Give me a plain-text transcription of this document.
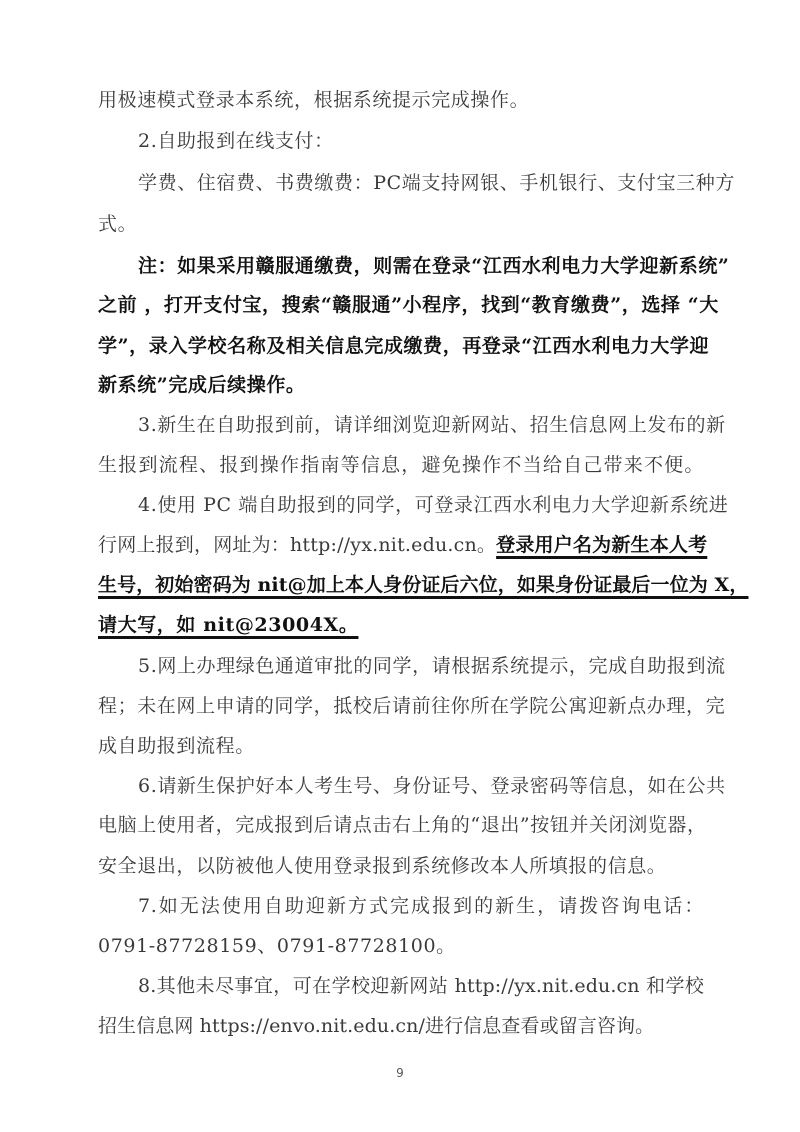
用极速模式登录本系统，根据系统提示完成操作。
2.自助报到在线支付：
学费、住宿费、书费缴费：PC端支持网银、手机银行、支付宝三种方
式。
注：如果采用赣服通缴费，则需在登录“江西水利电力大学迎新系统”
之前 ，打开支付宝，搜索“赣服通”小程序，找到“教育缴费”，选择 “大
学”，录入学校名称及相关信息完成缴费，再登录“江西水利电力大学迎
新系统”完成后续操作。
3.新生在自助报到前，请详细浏览迎新网站、招生信息网上发布的新
生报到流程、报到操作指南等信息，避免操作不当给自己带来不便。
4.使用 PC 端自助报到的同学，可登录江西水利电力大学迎新系统进
行网上报到，网址为：http://yx.nit.edu.cn。登录用户名为新生本人考
生号，初始密码为 nit@加上本人身份证后六位，如果身份证最后一位为 X，
请大写，如 nit@23004X。
5.网上办理绿色通道审批的同学，请根据系统提示，完成自助报到流
程；未在网上申请的同学，抵校后请前往你所在学院公寓迎新点办理，完
成自助报到流程。
6.请新生保护好本人考生号、身份证号、登录密码等信息，如在公共
电脑上使用者，完成报到后请点击右上角的“退出”按钮并关闭浏览器，
安全退出，以防被他人使用登录报到系统修改本人所填报的信息。
7.如无法使用自助迎新方式完成报到的新生，请拨咨询电话：
0791-87728159、0791-87728100。
8.其他未尽事宜，可在学校迎新网站 http://yx.nit.edu.cn 和学校
招生信息网 https://envo.nit.edu.cn/进行信息查看或留言咨询。
9
